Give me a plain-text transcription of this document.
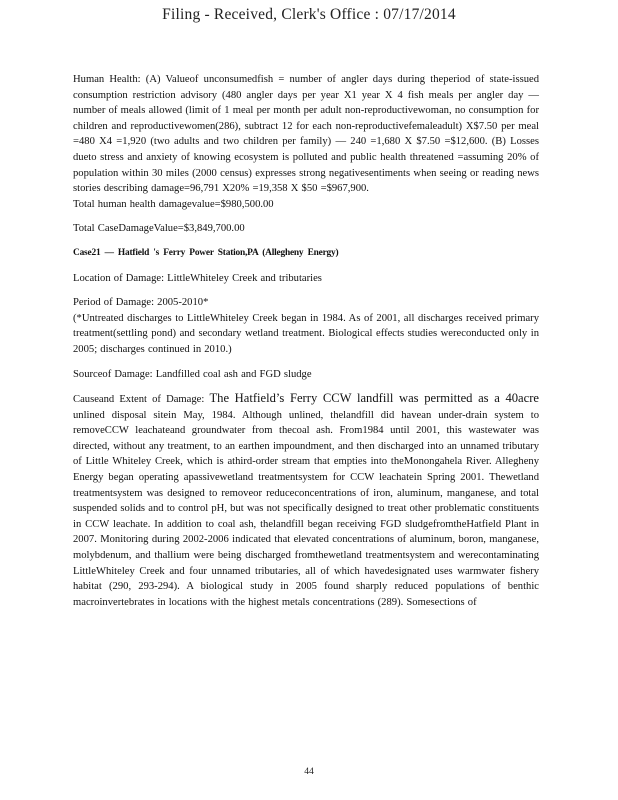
Filing - Received, Clerk's Office : 07/17/2014

Human Health: (A) Valueof unconsumedfish = number of angler days during theperiod of state-issued consumption restriction advisory (480 angler days per year X1 year X 4 fish meals per angler day — number of meals allowed (limit of 1 meal per month per adult non-reproductivewoman, no consumption for children and reproductivewomen(286), subtract 12 for each non-reproductivefemaleadult) X$7.50 per meal =480 X4 =1,920 (two adults and two children per family) — 240 =1,680 X $7.50 =$12,600. (B) Losses dueto stress and anxiety of knowing ecosystem is polluted and public health threatened =assuming 20% of population within 30 miles (2000 census) expresses strong negativesentiments when seeing or reading news stories describing damage=96,791 X20% =19,358 X $50 =$967,900.

Total human health damagevalue=$980,500.00

Total CaseDamageValue=$3,849,700.00

Case21 — Hatfield 's Ferry Power Station,PA (Allegheny Energy)

Location of Damage: LittleWhiteley Creek and tributaries

Period of Damage: 2005-2010*

(*Untreated discharges to LittleWhiteley Creek began in 1984. As of 2001, all discharges received primary treatment(settling pond) and secondary wetland treatment. Biological effects studies wereconducted only in 2005; discharges continued in 2010.)

Sourceof Damage: Landfilled coal ash and FGD sludge

Causeand Extent of Damage: The Hatfield’s Ferry CCW landfill was permitted as a 40acre unlined disposal sitein May, 1984. Although unlined, thelandfill did havean under-drain system to removeCCW leachateand groundwater from thecoal ash. From1984 until 2001, this wastewater was directed, without any treatment, to an earthen impoundment, and then discharged into an unnamed tributary of Little Whiteley Creek, which is athird-order stream that empties into theMonongahela River. Allegheny Energy began operating apassivewetland treatmentsystem for CCW leachatein Spring 2001. Thewetland treatmentsystem was designed to removeor reduceconcentrations of iron, aluminum, manganese, and total suspended solids and to control pH, but was not specifically designed to treat other problematic constituents in CCW leachate. In addition to coal ash, thelandfill began receiving FGD sludgefromtheHatfield Plant in 2007. Monitoring during 2002-2006 indicated that elevated concentrations of aluminum, boron, manganese, molybdenum, and thallium were being discharged fromthewetland treatmentsystem and werecontaminating LittleWhiteley Creek and four unnamed tributaries, all of which havedesignated uses warmwater fishery habitat (290, 293-294). A biological study in 2005 found sharply reduced populations of benthic macroinvertebrates in locations with the highest metals concentrations (289). Somesections of

44
